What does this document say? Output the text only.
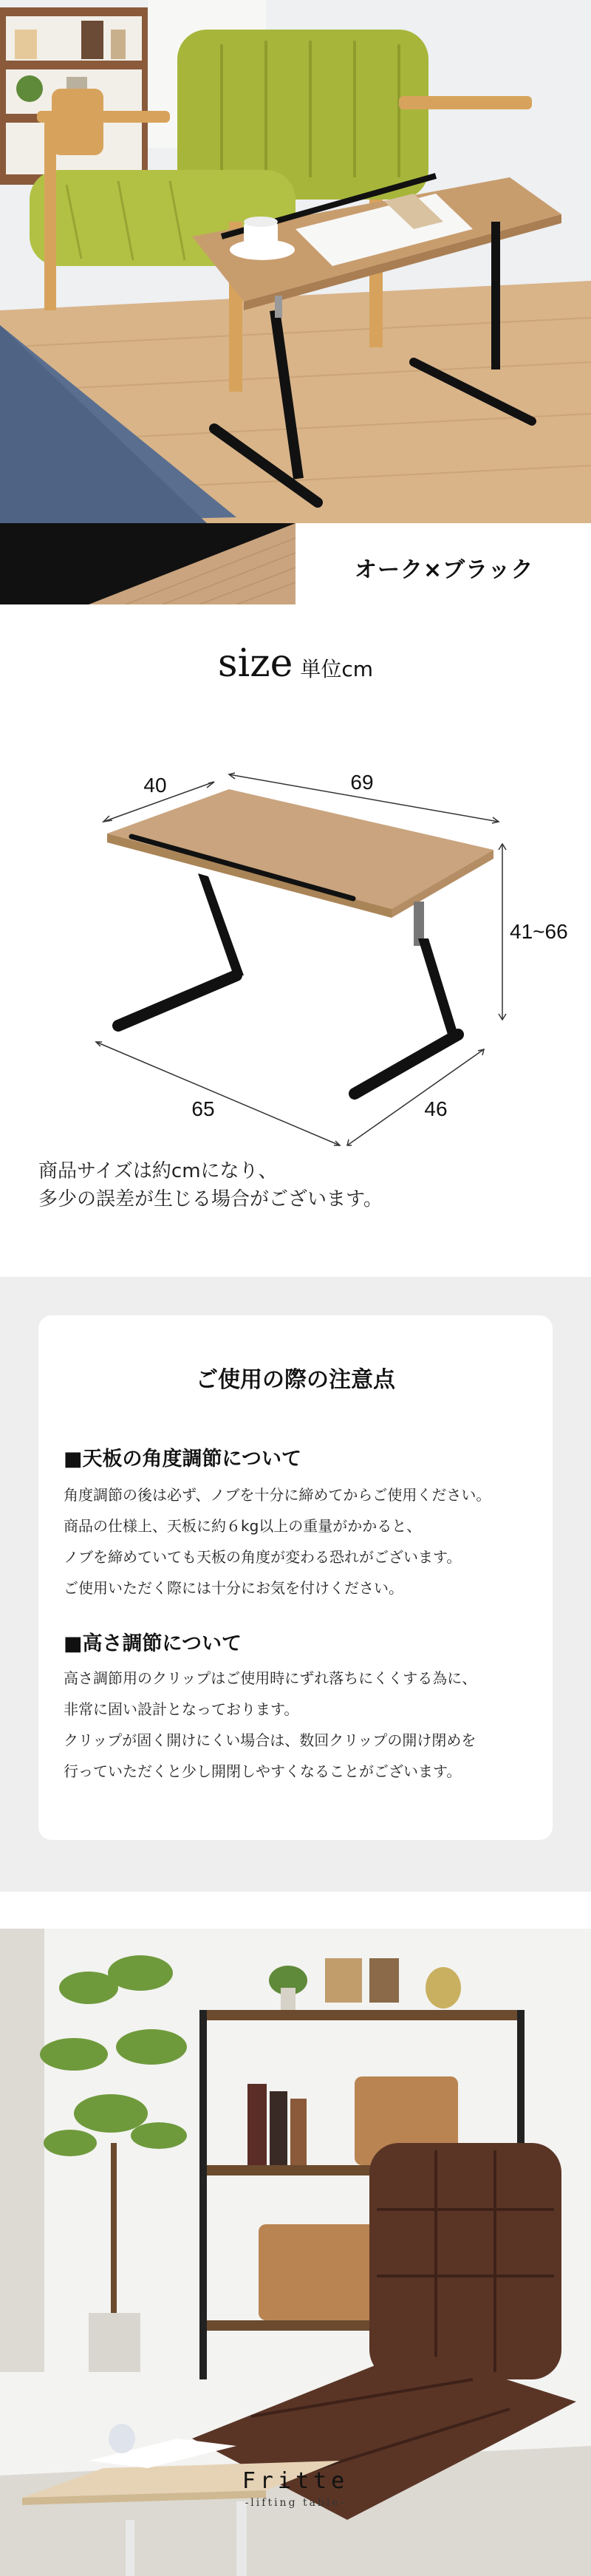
オーク×ブラック
size 単位cm
40	69
41~66
65	46
商品サイズは約cmになり、
多少の誤差が生じる場合がございます。
ご使用の際の注意点
■天板の角度調節について
角度調節の後は必ず、ノブを十分に締めてからご使用ください。
商品の仕様上、天板に約６kg以上の重量がかかると、
ノブを締めていても天板の角度が変わる恐れがございます。
ご使用いただく際には十分にお気を付けください。
■高さ調節について
高さ調節用のクリップはご使用時にずれ落ちにくくする為に、
非常に固い設計となっております。
クリップが固く開けにくい場合は、数回クリップの開け閉めを
行っていただくと少し開閉しやすくなることがございます。
Fritte
-lifting table-
